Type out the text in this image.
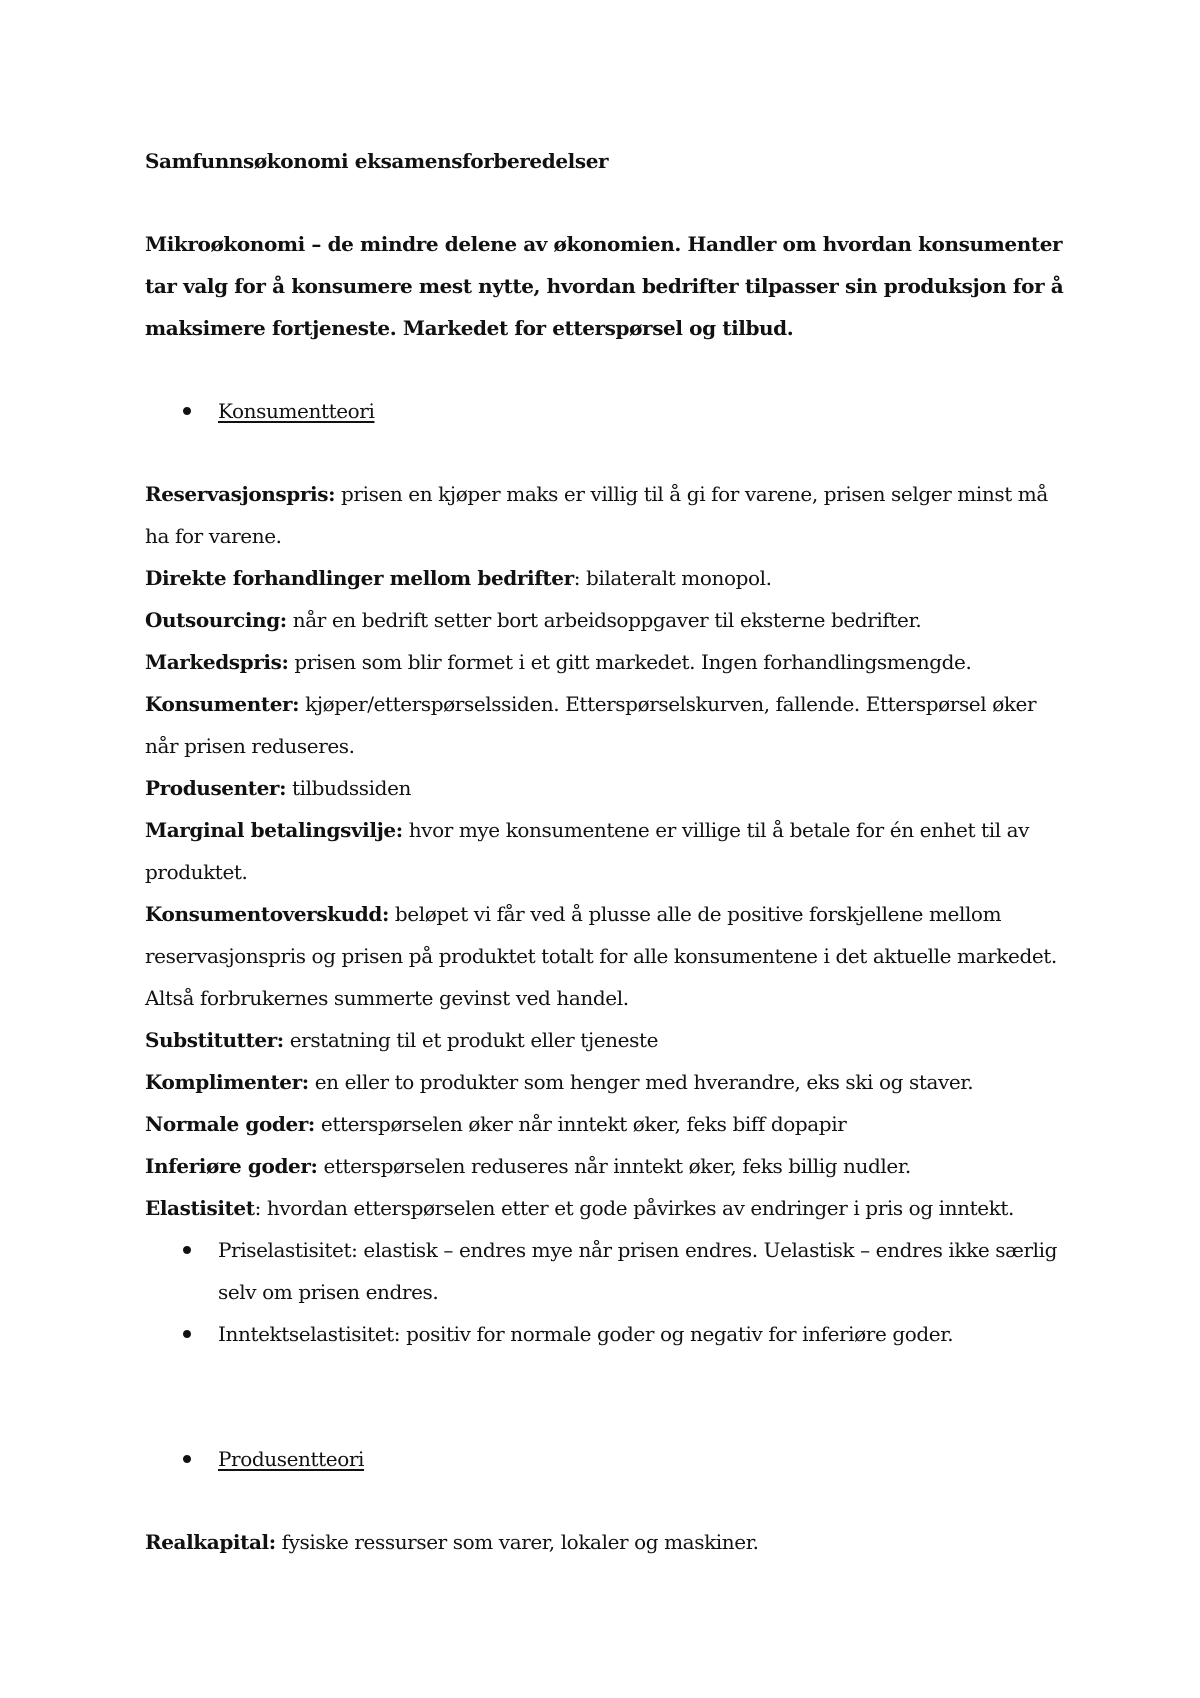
Samfunnsøkonomi eksamensforberedelser

Mikroøkonomi – de mindre delene av økonomien. Handler om hvordan konsumenter tar valg for å konsumere mest nytte, hvordan bedrifter tilpasser sin produksjon for å maksimere fortjeneste. Markedet for etterspørsel og tilbud.

Konsumentteori

Reservasjonspris: prisen en kjøper maks er villig til å gi for varene, prisen selger minst må ha for varene.

Direkte forhandlinger mellom bedrifter: bilateralt monopol.

Outsourcing: når en bedrift setter bort arbeidsoppgaver til eksterne bedrifter.

Markedspris: prisen som blir formet i et gitt markedet. Ingen forhandlingsmengde.

Konsumenter: kjøper/etterspørselssiden. Etterspørselskurven, fallende. Etterspørsel øker når prisen reduseres.

Produsenter: tilbudssiden

Marginal betalingsvilje: hvor mye konsumentene er villige til å betale for én enhet til av produktet.

Konsumentoverskudd: beløpet vi får ved å plusse alle de positive forskjellene mellom reservasjonspris og prisen på produktet totalt for alle konsumentene i det aktuelle markedet. Altså forbrukernes summerte gevinst ved handel.

Substitutter: erstatning til et produkt eller tjeneste

Komplimenter: en eller to produkter som henger med hverandre, eks ski og staver.

Normale goder: etterspørselen øker når inntekt øker, feks biff dopapir

Inferiøre goder: etterspørselen reduseres når inntekt øker, feks billig nudler.

Elastisitet: hvordan etterspørselen etter et gode påvirkes av endringer i pris og inntekt.

Priselastisitet: elastisk – endres mye når prisen endres. Uelastisk – endres ikke særlig selv om prisen endres.
Inntektselastisitet: positiv for normale goder og negativ for inferiøre goder.
Produsentteori

Realkapital: fysiske ressurser som varer, lokaler og maskiner.
